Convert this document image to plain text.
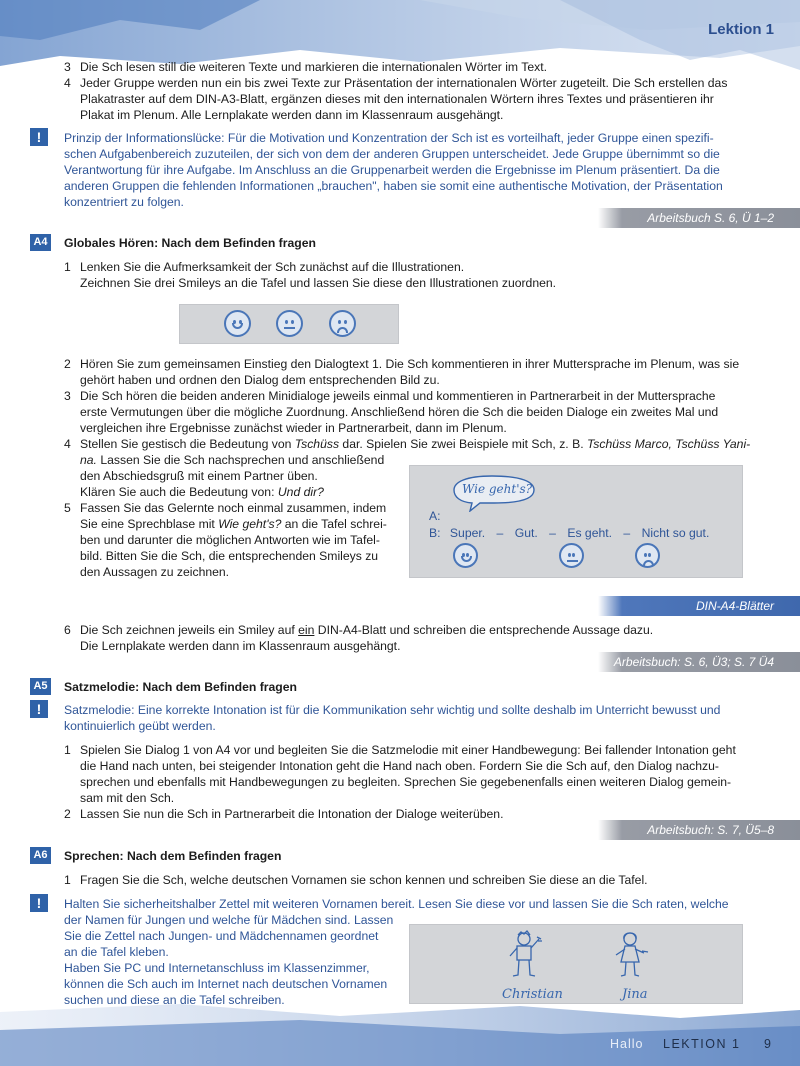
Lektion 1
3 Die Sch lesen still die weiteren Texte und markieren die internationalen Wörter im Text.
4 Jeder Gruppe werden nun ein bis zwei Texte zur Präsentation der internationalen Wörter zugeteilt. Die Sch erstellen das
Plakatraster auf dem DIN-A3-Blatt, ergänzen dieses mit den internationalen Wörtern ihres Textes und präsentieren ihr
Plakat im Plenum. Alle Lernplakate werden dann im Klassenraum ausgehängt.
!	Prinzip der Informationslücke: Für die Motivation und Konzentration der Sch ist es vorteilhaft, jeder Gruppe einen spezifi-
schen Aufgabenbereich zuzuteilen, der sich von dem der anderen Gruppen unterscheidet. Jede Gruppe übernimmt so die
Verantwortung für ihre Aufgabe. Im Anschluss an die Gruppenarbeit werden die Ergebnisse im Plenum präsentiert. Da die
anderen Gruppen die fehlenden Informationen „brauchen", haben sie somit eine authentische Motivation, der Präsentation
konzentriert zu folgen.
Arbeitsbuch S. 6, Ü 1–2
A4 Globales Hören: Nach dem Befinden fragen
1 Lenken Sie die Aufmerksamkeit der Sch zunächst auf die Illustrationen.
Zeichnen Sie drei Smileys an die Tafel und lassen Sie diese den Illustrationen zuordnen.
2 Hören Sie zum gemeinsamen Einstieg den Dialogtext 1. Die Sch kommentieren in ihrer Muttersprache im Plenum, was sie
gehört haben und ordnen den Dialog dem entsprechenden Bild zu.
3 Die Sch hören die beiden anderen Minidialoge jeweils einmal und kommentieren in Partnerarbeit in der Muttersprache
erste Vermutungen über die mögliche Zuordnung. Anschließend hören die Sch die beiden Dialoge ein zweites Mal und
vergleichen ihre Ergebnisse zunächst wieder in Partnerarbeit, dann im Plenum.
4 Stellen Sie gestisch die Bedeutung von Tschüss dar. Spielen Sie zwei Beispiele mit Sch, z. B. Tschüss Marco, Tschüss Yani-
na. Lassen Sie die Sch nachsprechen und anschließend
den Abschiedsgruß mit einem Partner üben.
Klären Sie auch die Bedeutung von: Und dir?
5 Fassen Sie das Gelernte noch einmal zusammen, indem
Sie eine Sprechblase mit Wie geht's? an die Tafel schrei-
ben und darunter die möglichen Antworten wie im Tafel-
bild. Bitten Sie die Sch, die entsprechenden Smileys zu
den Aussagen zu zeichnen.
Wie geht's?
A:
B: Super. – Gut. – Es geht. – Nicht so gut.
DIN-A4-Blätter
6 Die Sch zeichnen jeweils ein Smiley auf ein DIN-A4-Blatt und schreiben die entsprechende Aussage dazu.
Die Lernplakate werden dann im Klassenraum ausgehängt.
Arbeitsbuch: S. 6, Ü3; S. 7 Ü4
A5 Satzmelodie: Nach dem Befinden fragen
!	Satzmelodie: Eine korrekte Intonation ist für die Kommunikation sehr wichtig und sollte deshalb im Unterricht bewusst und
kontinuierlich geübt werden.
1 Spielen Sie Dialog 1 von A4 vor und begleiten Sie die Satzmelodie mit einer Handbewegung: Bei fallender Intonation geht
die Hand nach unten, bei steigender Intonation geht die Hand nach oben. Fordern Sie die Sch auf, den Dialog nachzu-
sprechen und ebenfalls mit Handbewegungen zu begleiten. Sprechen Sie gegebenenfalls einen weiteren Dialog gemein-
sam mit den Sch.
2 Lassen Sie nun die Sch in Partnerarbeit die Intonation der Dialoge weiterüben.
Arbeitsbuch: S. 7, Ü5–8
A6 Sprechen: Nach dem Befinden fragen
1 Fragen Sie die Sch, welche deutschen Vornamen sie schon kennen und schreiben Sie diese an die Tafel.
!	Halten Sie sicherheitshalber Zettel mit weiteren Vornamen bereit. Lesen Sie diese vor und lassen Sie die Sch raten, welche
der Namen für Jungen und welche für Mädchen sind. Lassen
Sie die Zettel nach Jungen- und Mädchennamen geordnet
an die Tafel kleben.
Haben Sie PC und Internetanschluss im Klassenzimmer,
können die Sch auch im Internet nach deutschen Vornamen
suchen und diese an die Tafel schreiben.	Christian	Jina
Hallo LEKTION 1 9
